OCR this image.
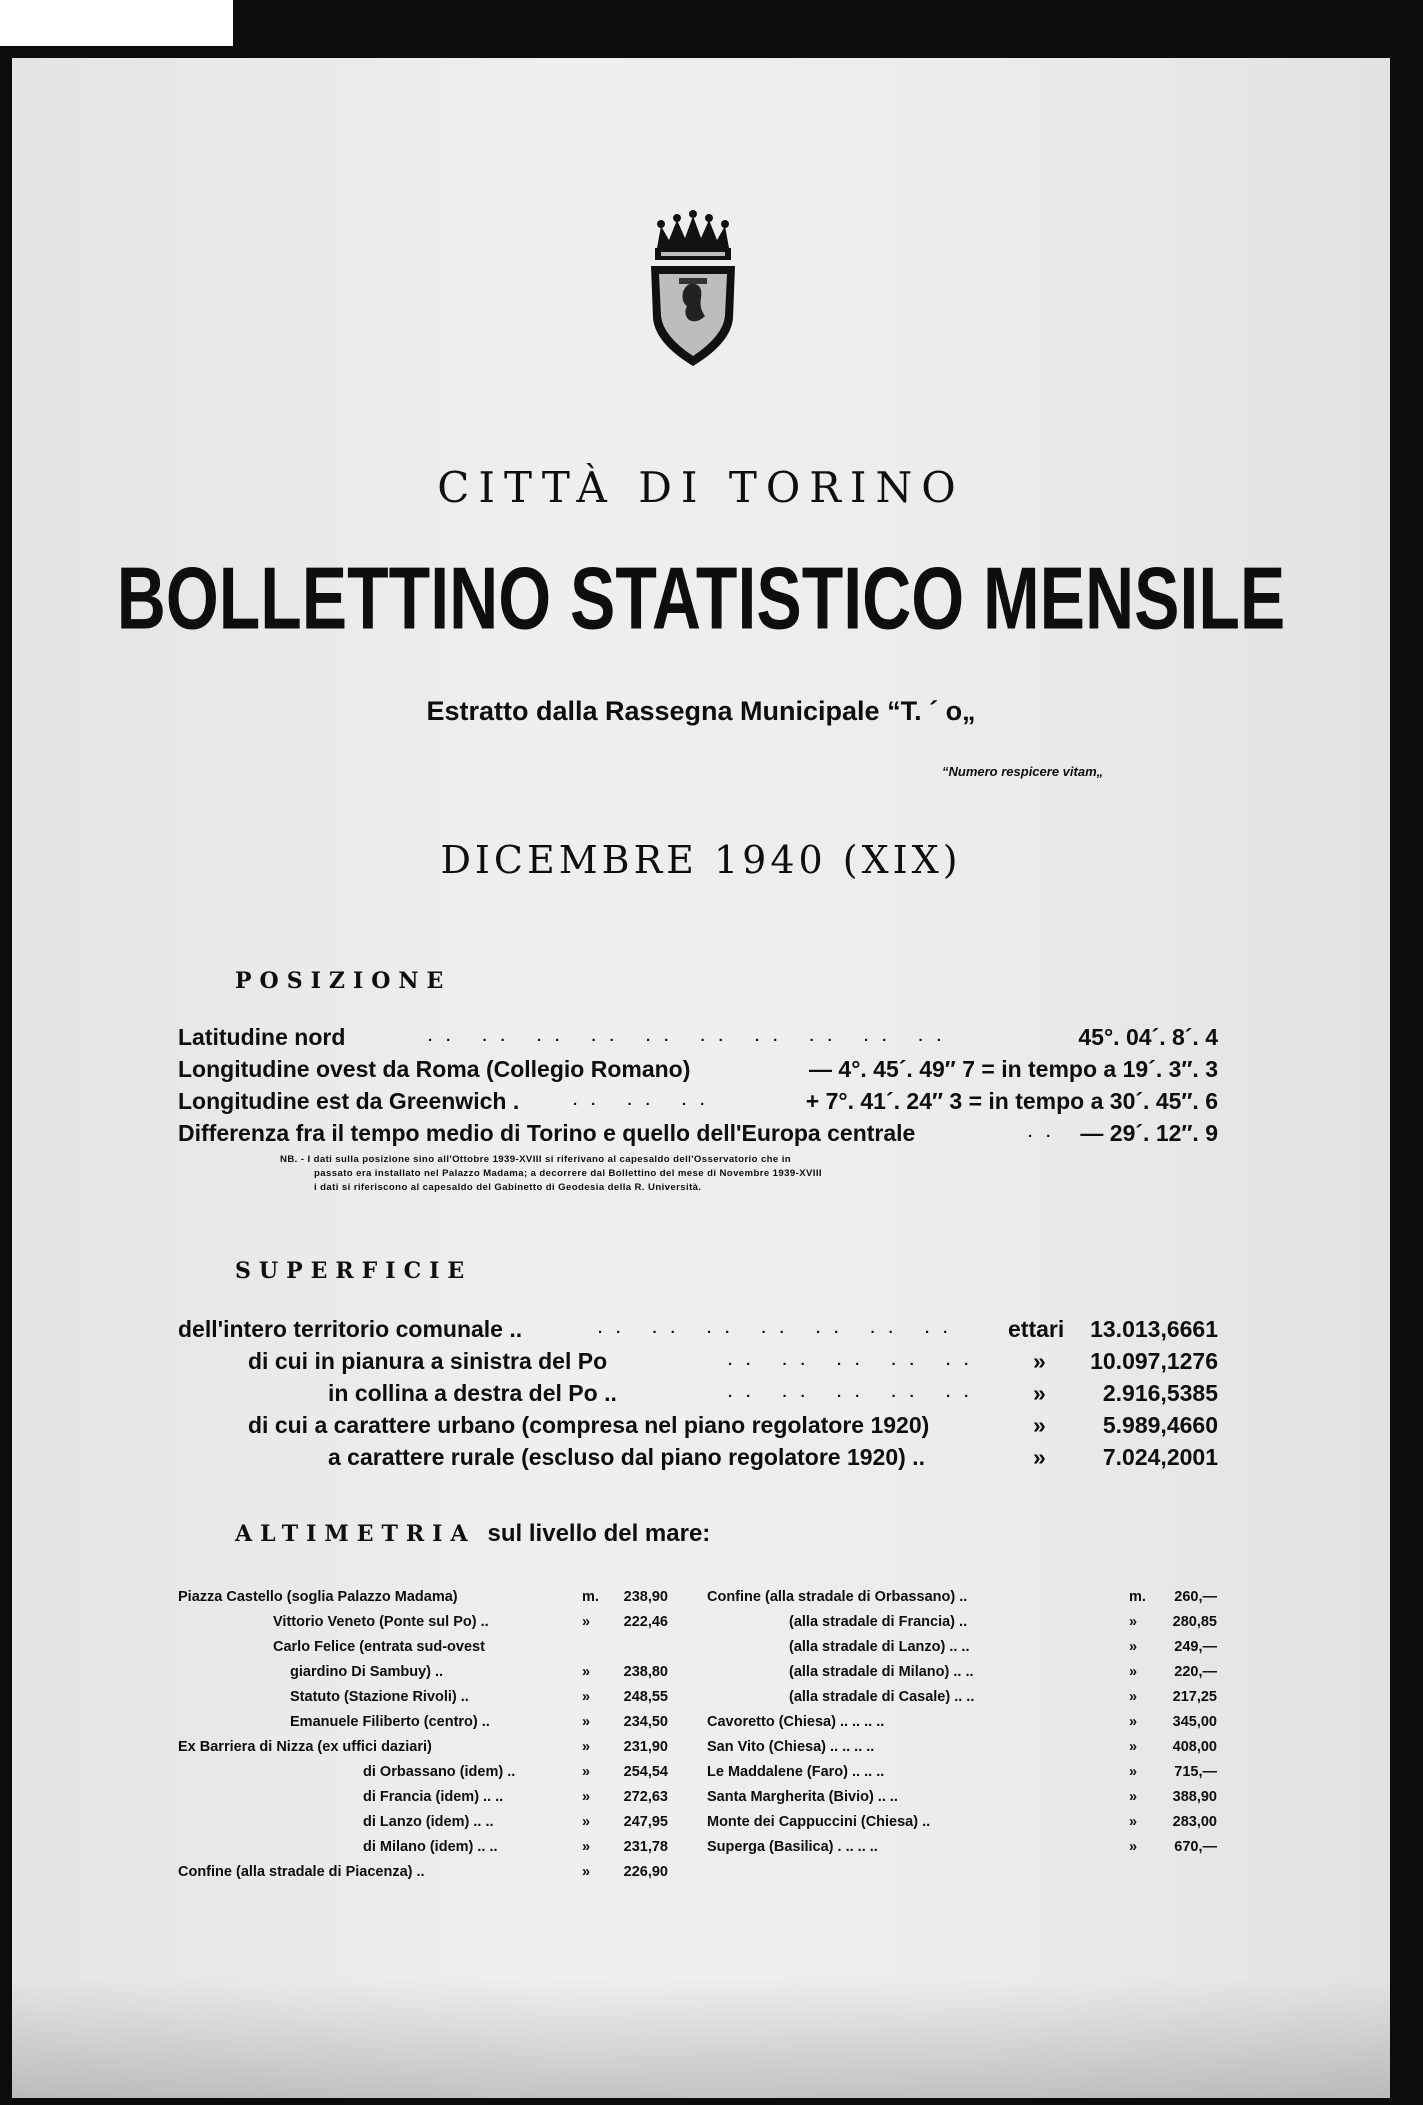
CITTÀ DI TORINO
BOLLETTINO STATISTICO MENSILE
Estratto dalla Rassegna Municipale “T. ´ o„
“Numero respicere vitam„
DICEMBRE 1940 (XIX)
POSIZIONE
Latitudine nord	.. .. .. .. .. .. .. .. .. ..	45°. 04´. 8´. 4
Longitudine ovest da Roma (Collegio Romano)	— 4°. 45´. 49″ 7 = in tempo a 19´. 3″. 3
Longitudine est da Greenwich .	.. .. ..	+ 7°. 41´. 24″ 3 = in tempo a 30´. 45″. 6
Differenza fra il tempo medio di Torino e quello dell'Europa centrale	.. — 29´. 12″. 9
NB. - I dati sulla posizione sino all'Ottobre 1939-XVIII si riferivano al capesaldo dell'Osservatorio che in
passato era installato nel Palazzo Madama; a decorrere dal Bollettino del mese di Novembre 1939-XVIII
i dati si riferiscono al capesaldo del Gabinetto di Geodesia della R. Università.
SUPERFICIE
dell'intero territorio comunale ..	.. .. .. .. .. .. .. ettari 13.013,6661
di cui in pianura a sinistra del Po	.. .. .. .. .. » 10.097,1276
in collina a destra del Po ..	.. .. .. .. .. » 2.916,5385
di cui a carattere urbano (compresa nel piano regolatore 1920)	» 5.989,4660
a carattere rurale (escluso dal piano regolatore 1920) ..	» 7.024,2001
ALTIMETRIA sul livello del mare:
Piazza Castello (soglia Palazzo Madama)	m. 238,90
Vittorio Veneto (Ponte sul Po) ..	» 222,46
Carlo Felice (entrata sud-ovest
giardino Di Sambuy) ..	» 238,80
Statuto (Stazione Rivoli) ..	» 248,55
Emanuele Filiberto (centro) ..	» 234,50
Ex Barriera di Nizza (ex uffici daziari)	» 231,90
di Orbassano (idem) ..	» 254,54
di Francia (idem) .. ..	» 272,63
di Lanzo (idem) .. ..	» 247,95
di Milano (idem) .. ..	» 231,78
Confine (alla stradale di Piacenza) ..	» 226,90
Confine (alla stradale di Orbassano) ..	m. 260,—
(alla stradale di Francia) ..	» 280,85
(alla stradale di Lanzo) .. ..	»	249,—
(alla stradale di Milano) .. ..	»	220,—
(alla stradale di Casale) .. ..	» 217,25
Cavoretto (Chiesa) .. .. .. ..	» 345,00
San Vito (Chiesa) .. .. .. ..	» 408,00
Le Maddalene (Faro) .. .. ..	»	715,—
Santa Margherita (Bivio) .. ..	» 388,90
Monte dei Cappuccini (Chiesa) ..	» 283,00
Superga (Basilica) . .. .. ..	»	670,—
